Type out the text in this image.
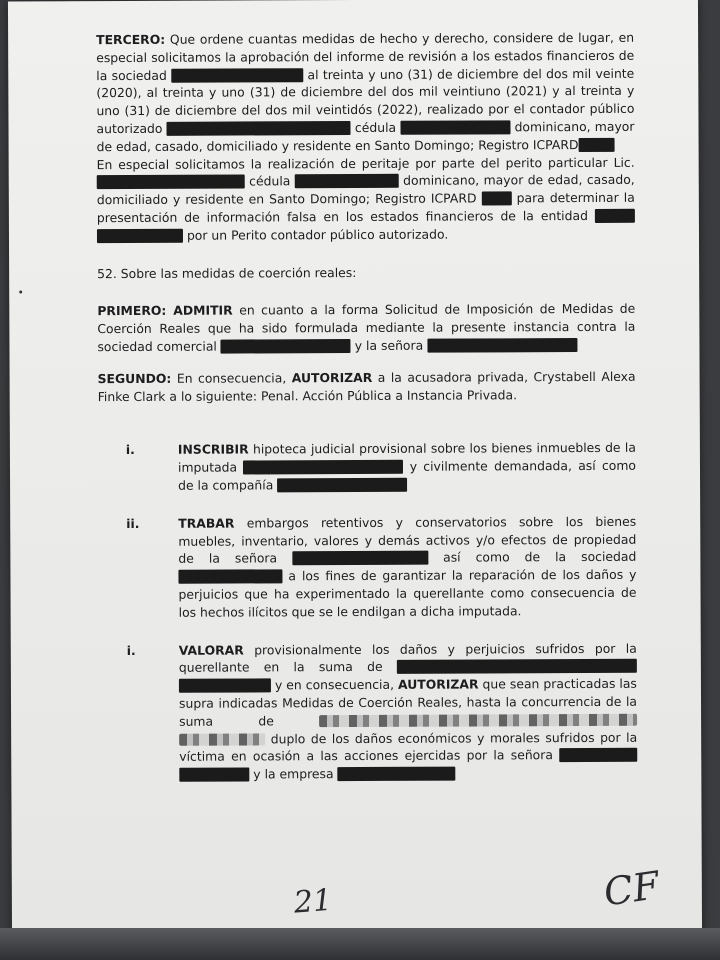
TERCERO: Que ordene cuantas medidas de hecho y derecho, considere de lugar, en especial solicitamos la aprobación del informe de revisión a los estados financieros de la sociedad	al treinta y uno (31) de diciembre del dos mil veinte (2020), al treinta y uno (31) de diciembre del dos mil veintiuno (2021) y al treinta y uno (31) de diciembre del dos mil veintidós (2022), realizado por el contador público autorizado	cédula	dominicano, mayor de edad, casado, domiciliado y residente en Santo Domingo; Registro ICPARD

En especial solicitamos la realización de peritaje por parte del perito particular Lic.  cédula	dominicano, mayor de edad, casado, domiciliado y residente en Santo Domingo; Registro ICPARD	para determinar la presentación de información falsa en los estados financieros de la entidad   por un Perito contador público autorizado.

52. Sobre las medidas de coerción reales:

PRIMERO: ADMITIR en cuanto a la forma Solicitud de Imposición de Medidas de Coerción Reales que ha sido formulada mediante la presente instancia contra la sociedad comercial	y la señora

SEGUNDO: En consecuencia, AUTORIZAR a la acusadora privada, Crystabell Alexa Finke Clark a lo siguiente: Penal. Acción Pública a Instancia Privada.

i.	INSCRIBIR hipoteca judicial provisional sobre los bienes inmuebles de la imputada	y civilmente demandada, así como de la compañía
ii.	TRABAR embargos retentivos y conservatorios sobre los bienes muebles, inventario, valores y demás activos y/o efectos de propiedad de la señora	así como de la sociedad  a los fines de garantizar la reparación de los daños y perjuicios que ha experimentado la querellante como consecuencia de los hechos ilícitos que se le endilgan a dicha imputada.
i.	VALORAR provisionalmente los daños y perjuicios sufridos por la querellante en la suma de   y en consecuencia, AUTORIZAR que sean practicadas las supra indicadas Medidas de Coerción Reales, hasta la concurrencia de la suma de   duplo de los daños económicos y morales sufridos por la víctima en ocasión a las acciones ejercidas por la señora   y la empresa
21	CF
